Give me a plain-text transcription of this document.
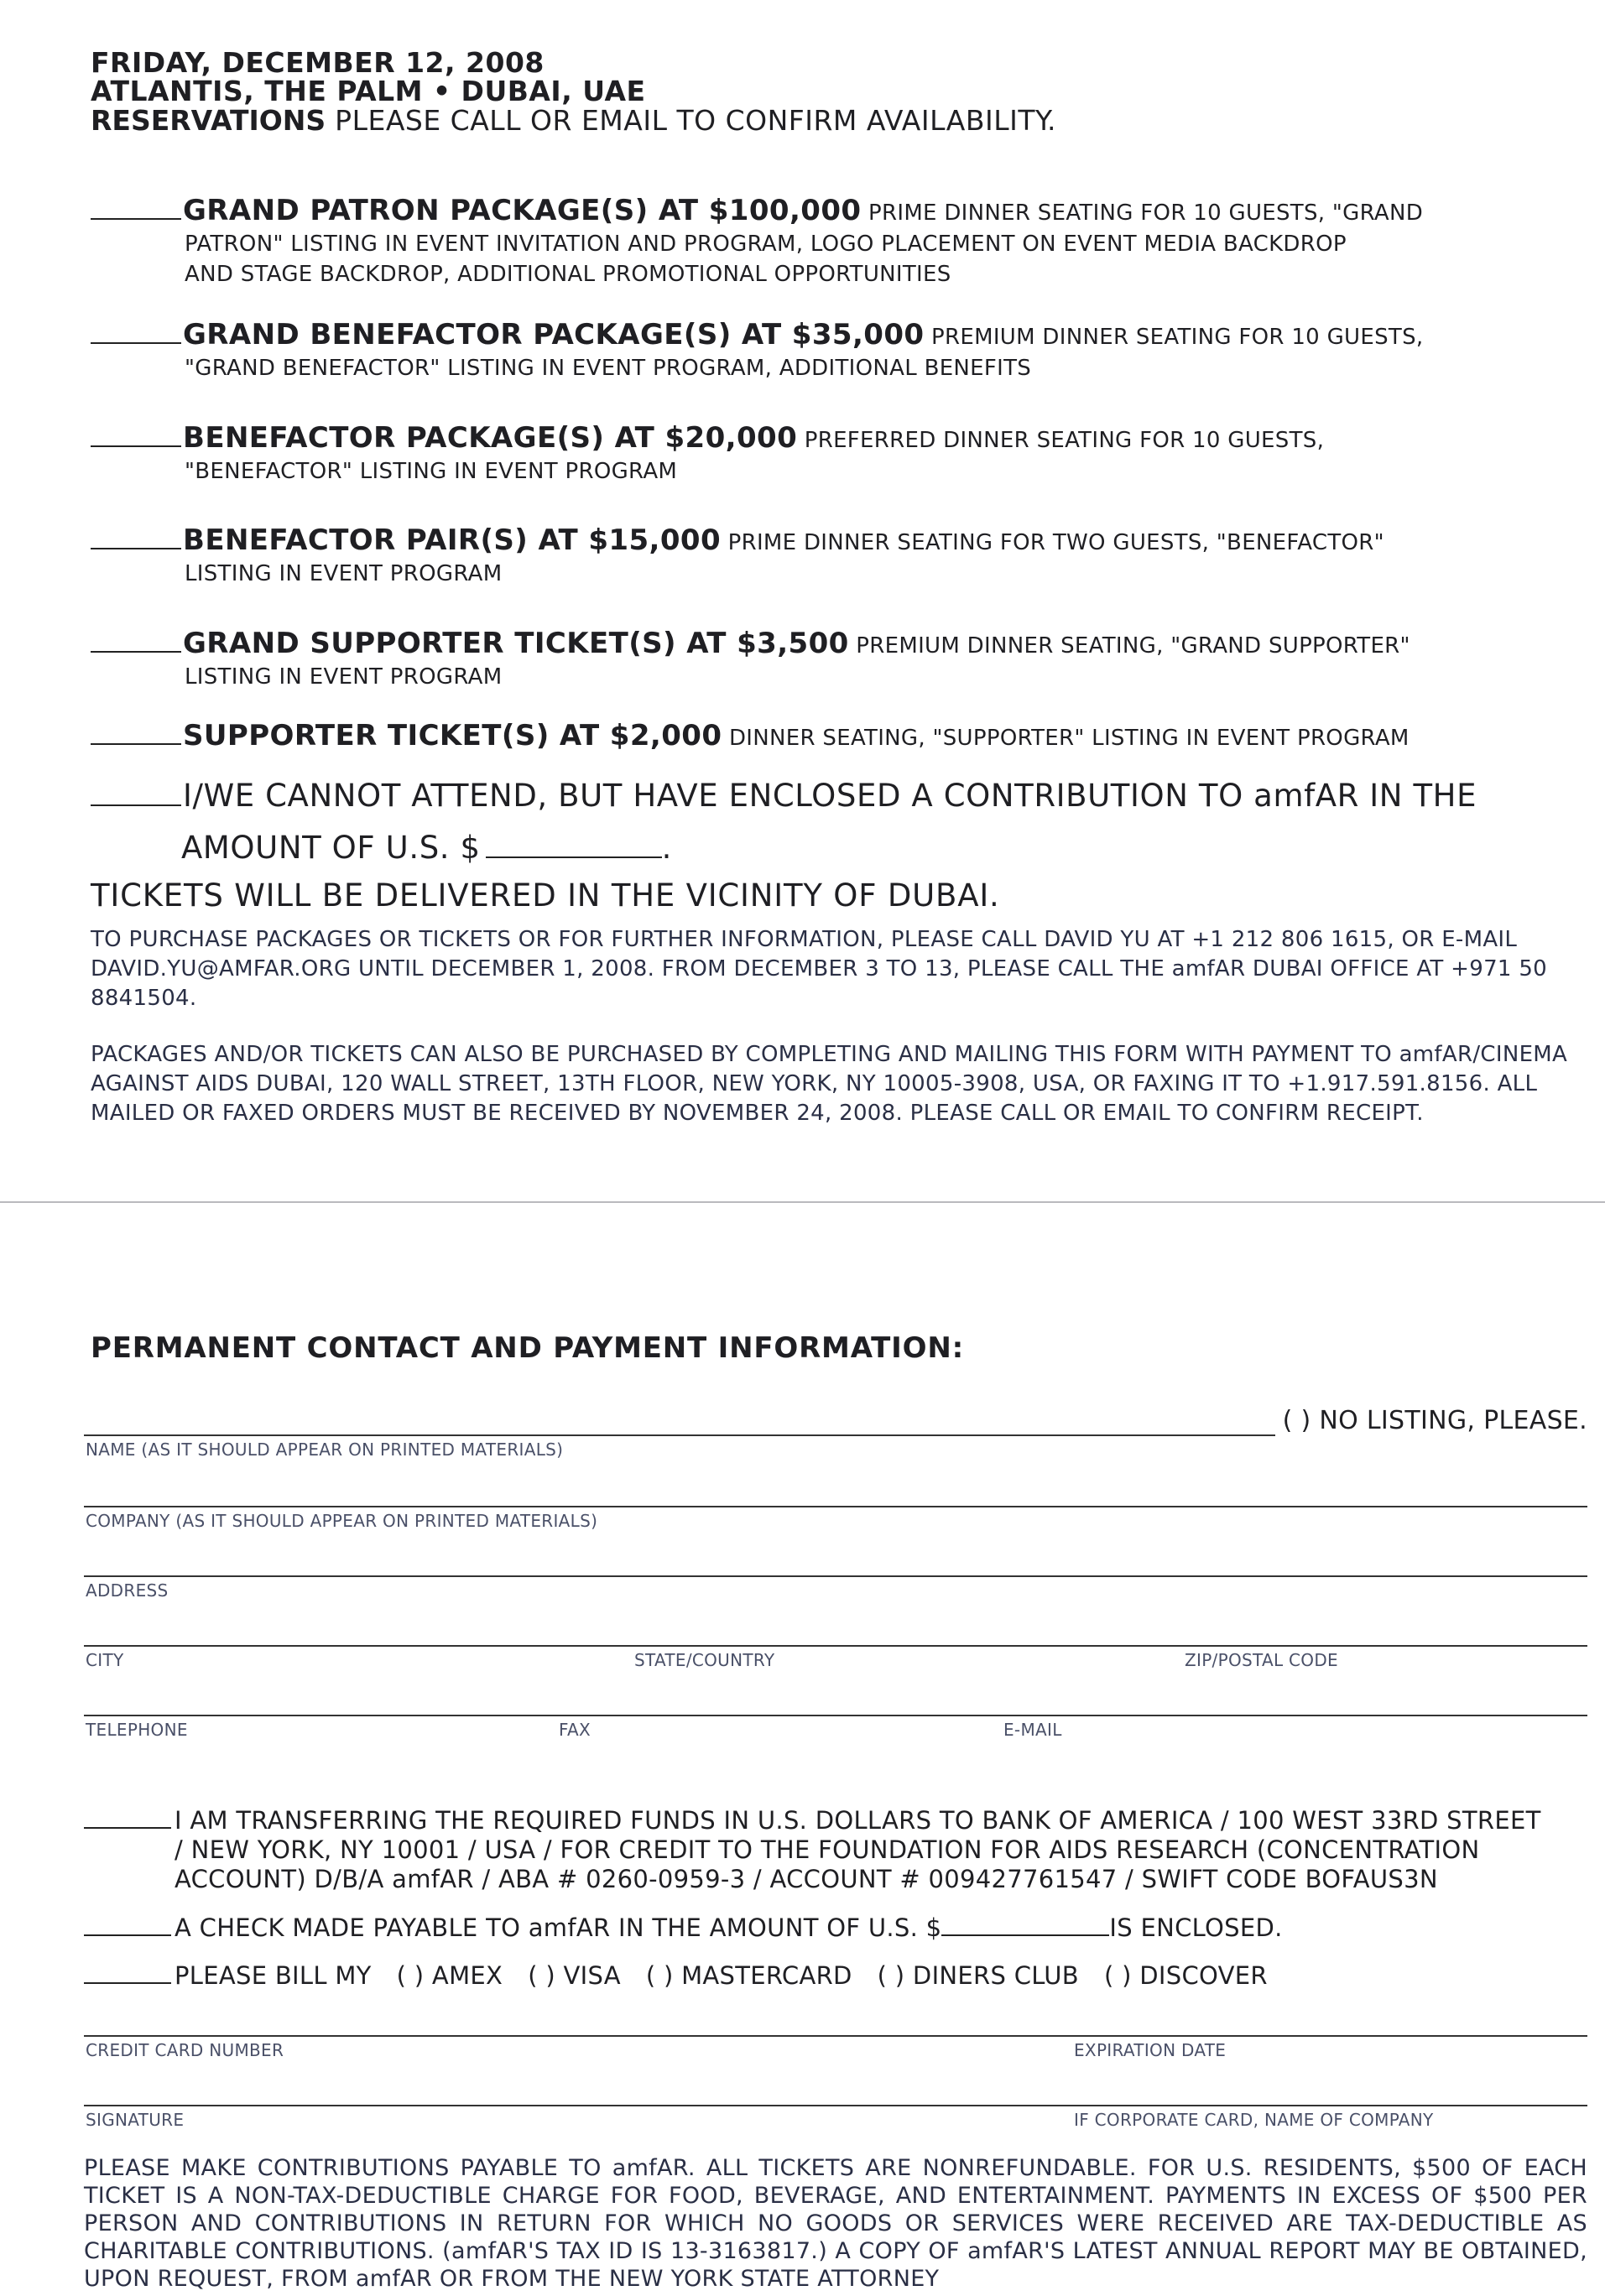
FRIDAY, DECEMBER 12, 2008
ATLANTIS, THE PALM • DUBAI, UAE
RESERVATIONS PLEASE CALL OR EMAIL TO CONFIRM AVAILABILITY.
GRAND PATRON PACKAGE(S) AT $100,000 PRIME DINNER SEATING FOR 10 GUESTS, "GRAND
PATRON" LISTING IN EVENT INVITATION AND PROGRAM, LOGO PLACEMENT ON EVENT MEDIA BACKDROP
AND STAGE BACKDROP, ADDITIONAL PROMOTIONAL OPPORTUNITIES
GRAND BENEFACTOR PACKAGE(S) AT $35,000 PREMIUM DINNER SEATING FOR 10 GUESTS,
"GRAND BENEFACTOR" LISTING IN EVENT PROGRAM, ADDITIONAL BENEFITS
BENEFACTOR PACKAGE(S) AT $20,000 PREFERRED DINNER SEATING FOR 10 GUESTS,
"BENEFACTOR" LISTING IN EVENT PROGRAM
BENEFACTOR PAIR(S) AT $15,000 PRIME DINNER SEATING FOR TWO GUESTS, "BENEFACTOR"
LISTING IN EVENT PROGRAM
GRAND SUPPORTER TICKET(S) AT $3,500 PREMIUM DINNER SEATING, "GRAND SUPPORTER"
LISTING IN EVENT PROGRAM
SUPPORTER TICKET(S) AT $2,000 DINNER SEATING, "SUPPORTER" LISTING IN EVENT PROGRAM
I/WE CANNOT ATTEND, BUT HAVE ENCLOSED A CONTRIBUTION TO amfAR IN THE
AMOUNT OF U.S. $	.
TICKETS WILL BE DELIVERED IN THE VICINITY OF DUBAI.
TO PURCHASE PACKAGES OR TICKETS OR FOR FURTHER INFORMATION, PLEASE CALL DAVID YU AT +1 212 806 1615, OR E-MAIL DAVID.YU@AMFAR.ORG UNTIL DECEMBER 1, 2008. FROM DECEMBER 3 TO 13, PLEASE CALL THE amfAR DUBAI OFFICE AT +971 50 8841504.
PACKAGES AND/OR TICKETS CAN ALSO BE PURCHASED BY COMPLETING AND MAILING THIS FORM WITH PAYMENT TO amfAR/CINEMA AGAINST AIDS DUBAI, 120 WALL STREET, 13TH FLOOR, NEW YORK, NY 10005-3908, USA, OR FAXING IT TO +1.917.591.8156. ALL MAILED OR FAXED ORDERS MUST BE RECEIVED BY NOVEMBER 24, 2008. PLEASE CALL OR EMAIL TO CONFIRM RECEIPT.
PERMANENT CONTACT AND PAYMENT INFORMATION:
NAME (AS IT SHOULD APPEAR ON PRINTED MATERIALS)
( ) NO LISTING, PLEASE.
COMPANY (AS IT SHOULD APPEAR ON PRINTED MATERIALS)
ADDRESS
CITY	STATE/COUNTRY	ZIP/POSTAL CODE
TELEPHONE	FAX	E-MAIL
I AM TRANSFERRING THE REQUIRED FUNDS IN U.S. DOLLARS TO BANK OF AMERICA / 100 WEST 33RD STREET
/ NEW YORK, NY 10001 / USA / FOR CREDIT TO THE FOUNDATION FOR AIDS RESEARCH (CONCENTRATION
ACCOUNT) D/B/A amfAR / ABA # 0260-0959-3 / ACCOUNT # 009427761547 / SWIFT CODE BOFAUS3N
A CHECK MADE PAYABLE TO amfAR IN THE AMOUNT OF U.S. $	IS ENCLOSED.
PLEASE BILL MY ( ) AMEX ( ) VISA ( ) MASTERCARD ( ) DINERS CLUB ( ) DISCOVER
CREDIT CARD NUMBER	EXPIRATION DATE
SIGNATURE	IF CORPORATE CARD, NAME OF COMPANY
PLEASE MAKE CONTRIBUTIONS PAYABLE TO amfAR. ALL TICKETS ARE NONREFUNDABLE. FOR U.S. RESIDENTS, $500 OF EACH TICKET IS A NON-TAX-DEDUCTIBLE CHARGE FOR FOOD, BEVERAGE, AND ENTERTAINMENT. PAYMENTS IN EXCESS OF $500 PER PERSON AND CONTRIBUTIONS IN RETURN FOR WHICH NO GOODS OR SERVICES WERE RECEIVED ARE TAX-DEDUCTIBLE AS CHARITABLE CONTRIBUTIONS. (amfAR'S TAX ID IS 13-3163817.) A COPY OF amfAR'S LATEST ANNUAL REPORT MAY BE OBTAINED, UPON REQUEST, FROM amfAR OR FROM THE NEW YORK STATE ATTORNEY
